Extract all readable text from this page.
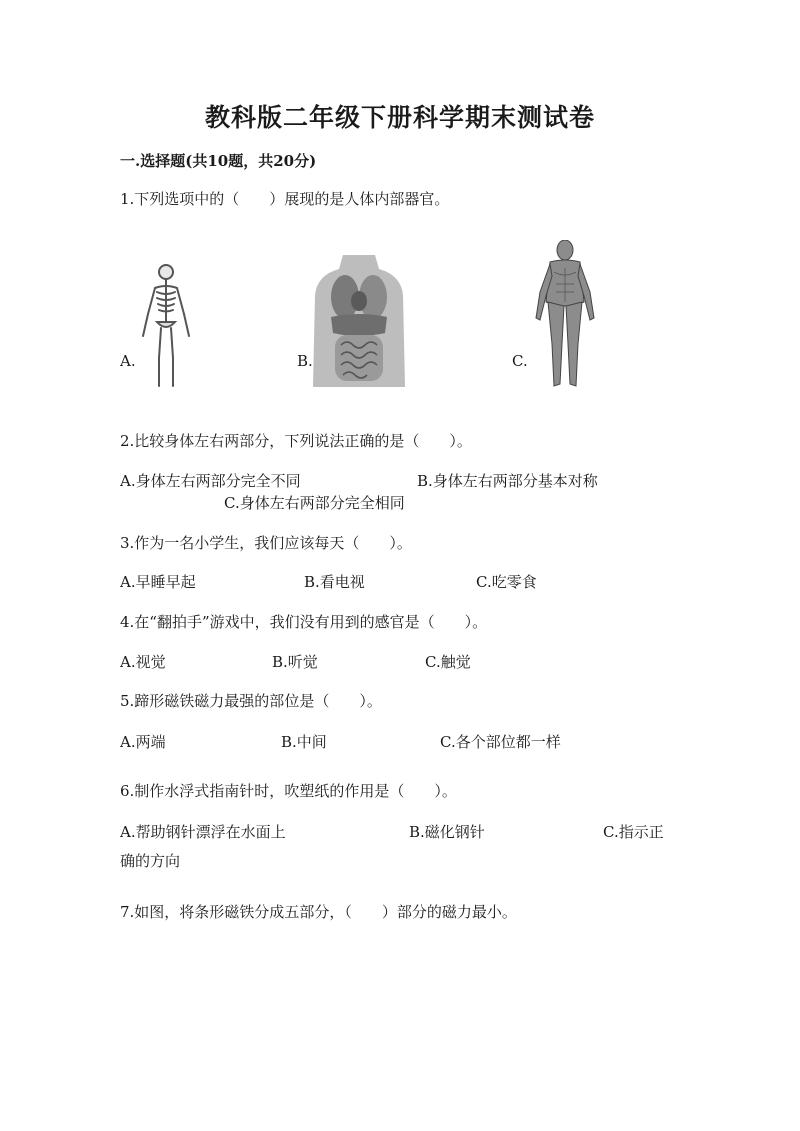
教科版二年级下册科学期末测试卷
一.选择题(共10题，共20分)
1.下列选项中的（　　）展现的是人体内部器官。
A.	B.	C.
2.比较身体左右两部分，下列说法正确的是（　　）。
A.身体左右两部分完全不同	B.身体左右两部分基本对称
C.身体左右两部分完全相同
3.作为一名小学生，我们应该每天（　　）。
A.早睡早起	B.看电视	C.吃零食
4.在“翻拍手”游戏中，我们没有用到的感官是（　　）。
A.视觉	B.听觉	C.触觉
5.蹄形磁铁磁力最强的部位是（　　）。
A.两端	B.中间	C.各个部位都一样
6.制作水浮式指南针时，吹塑纸的作用是（　　）。
A.帮助钢针漂浮在水面上	B.磁化钢针	C.指示正
确的方向
7.如图，将条形磁铁分成五部分，（　　）部分的磁力最小。
